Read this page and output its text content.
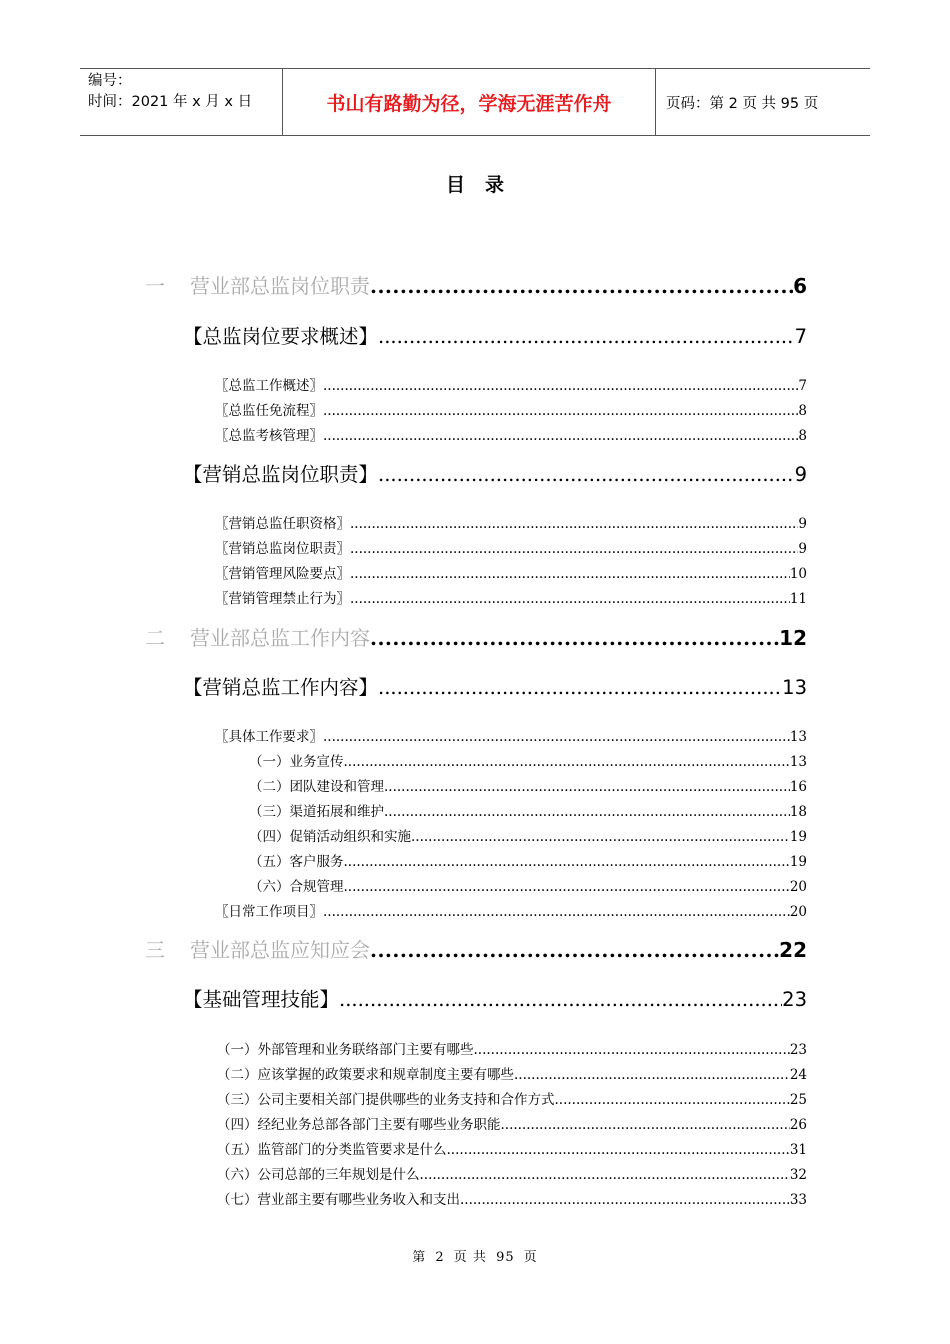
编号：
时间：2021 年 x 月 x 日	书山有路勤为径，学海无涯苦作舟	页码：第 2 页 共 95 页
目录
一	营业部总监岗位职责 .....	6
【总监岗位要求概述】 .....	7
〖总监工作概述〗 .....	7
〖总监任免流程〗 .....	8
〖总监考核管理〗 .....	8
【营销总监岗位职责】 .....	9
〖营销总监任职资格〗 .....	9
〖营销总监岗位职责〗 .....	9
〖营销管理风险要点〗 .....	10
〖营销管理禁止行为〗 .....	11
二	营业部总监工作内容 .....	12
【营销总监工作内容】 .....	13
〖具体工作要求〗 .....	13
（一）业务宣传 .....	13
（二）团队建设和管理 .....	16
（三）渠道拓展和维护 .....	18
（四）促销活动组织和实施 .....	19
（五）客户服务 .....	19
（六）合规管理 .....	20
〖日常工作项目〗 .....	20
三	营业部总监应知应会 .....	22
【基础管理技能】 .....	23
（一）外部管理和业务联络部门主要有哪些 .....	23
（二）应该掌握的政策要求和规章制度主要有哪些 .....	24
（三）公司主要相关部门提供哪些的业务支持和合作方式 .....	25
（四）经纪业务总部各部门主要有哪些业务职能 .....	26
（五）监管部门的分类监管要求是什么 .....	31
（六）公司总部的三年规划是什么 .....	32
（七）营业部主要有哪些业务收入和支出 .....	33
第 2 页 共 95 页
